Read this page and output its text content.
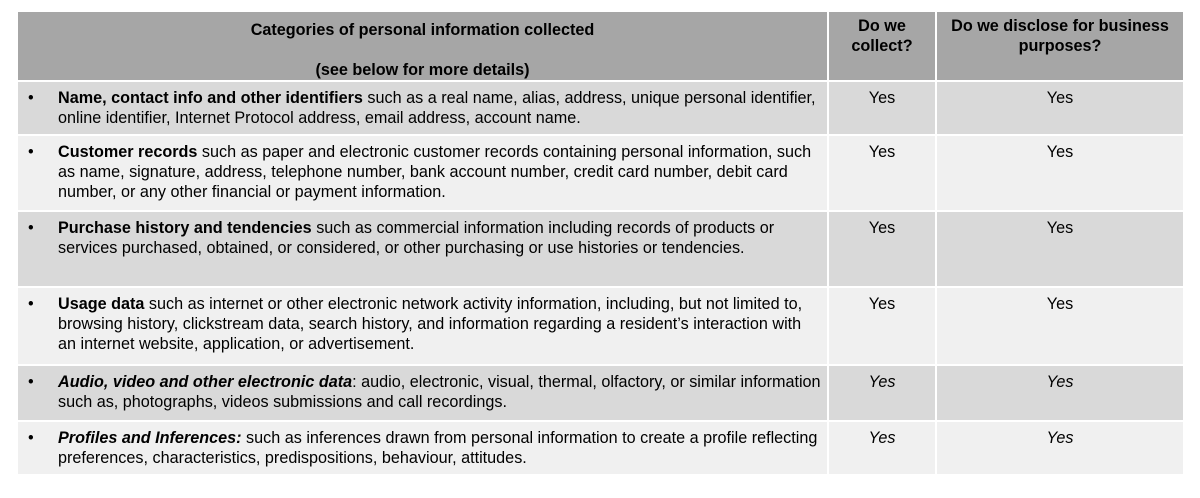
Categories of personal information collected
(see below for more details)	Do we collect?	Do we disclose for business purposes?

• Name, contact info and other identifiers such as a real name, alias, address, unique personal identifier, online identifier, Internet Protocol address, email address, account name.	Yes	Yes

• Customer records such as paper and electronic customer records containing personal information, such as name, signature, address, telephone number, bank account number, credit card number, debit card number, or any other financial or payment information.	Yes	Yes

• Purchase history and tendencies such as commercial information including records of products or services purchased, obtained, or considered, or other purchasing or use histories or tendencies.	Yes	Yes

• Usage data such as internet or other electronic network activity information, including, but not limited to, browsing history, clickstream data, search history, and information regarding a resident’s interaction with an internet website, application, or advertisement.	Yes	Yes

• Audio, video and other electronic data: audio, electronic, visual, thermal, olfactory, or similar information such as, photographs, videos submissions and call recordings.	Yes	Yes

• Profiles and Inferences: such as inferences drawn from personal information to create a profile reflecting preferences, characteristics, predispositions, behaviour, attitudes.	Yes	Yes
